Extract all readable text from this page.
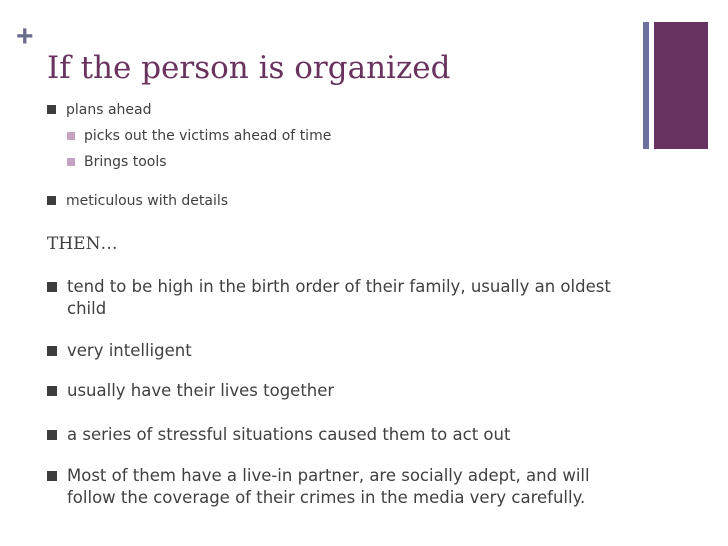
+
If the person is organized
plans ahead
picks out the victims ahead of time
Brings tools
meticulous with details
THEN…
tend to be high in the birth order of their family, usually an oldest
child
very intelligent
usually have their lives together
a series of stressful situations caused them to act out
Most of them have a live-in partner, are socially adept, and will
follow the coverage of their crimes in the media very carefully.
